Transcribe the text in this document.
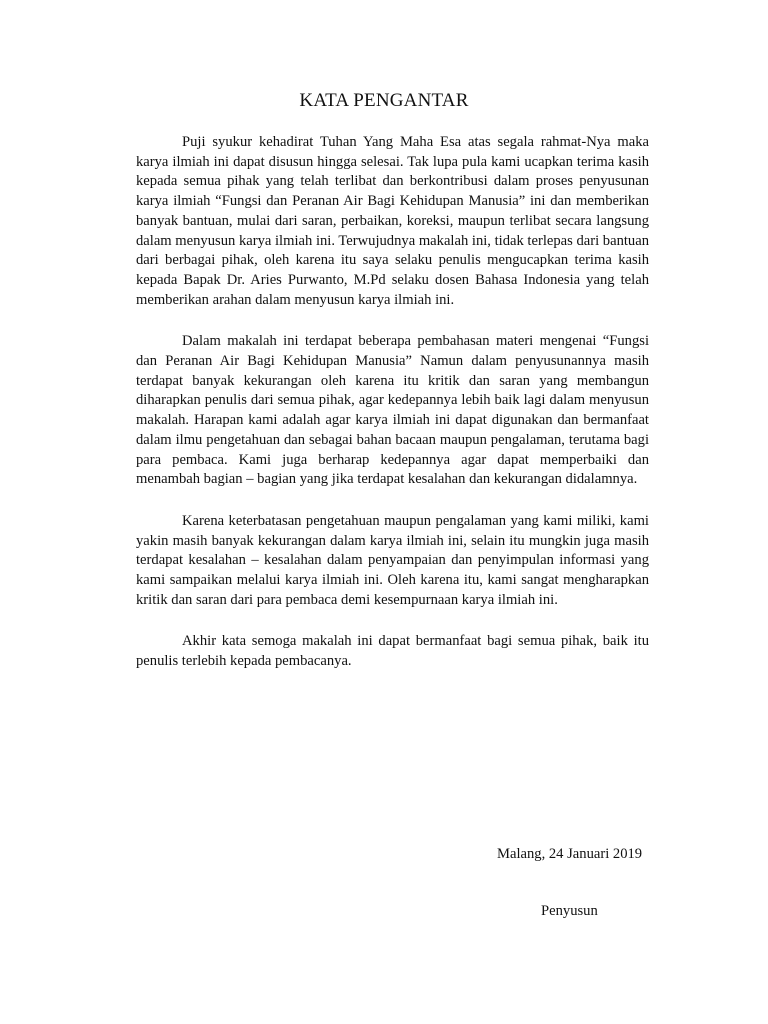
KATA PENGANTAR

Puji syukur kehadirat Tuhan Yang Maha Esa atas segala rahmat-Nya maka karya ilmiah ini dapat disusun hingga selesai. Tak lupa pula kami ucapkan terima kasih kepada semua pihak yang telah terlibat dan berkontribusi dalam proses penyusunan karya ilmiah “Fungsi dan Peranan Air Bagi Kehidupan Manusia” ini dan memberikan banyak bantuan, mulai dari saran, perbaikan, koreksi, maupun terlibat secara langsung dalam menyusun karya ilmiah ini. Terwujudnya makalah ini, tidak terlepas dari bantuan dari berbagai pihak, oleh karena itu saya selaku penulis mengucapkan terima kasih kepada Bapak Dr. Aries Purwanto, M.Pd selaku dosen Bahasa Indonesia yang telah memberikan arahan dalam menyusun karya ilmiah ini.

Dalam makalah ini terdapat beberapa pembahasan materi mengenai “Fungsi dan Peranan Air Bagi Kehidupan Manusia” Namun dalam penyusunannya masih terdapat banyak kekurangan oleh karena itu kritik dan saran yang membangun diharapkan penulis dari semua pihak, agar kedepannya lebih baik lagi dalam menyusun makalah. Harapan kami adalah agar karya ilmiah ini dapat digunakan dan bermanfaat dalam ilmu pengetahuan dan sebagai bahan bacaan maupun pengalaman, terutama bagi para pembaca. Kami juga berharap kedepannya agar dapat memperbaiki dan menambah bagian – bagian yang jika terdapat kesalahan dan kekurangan didalamnya.

Karena keterbatasan pengetahuan maupun pengalaman yang kami miliki, kami yakin masih banyak kekurangan dalam karya ilmiah ini, selain itu mungkin juga masih terdapat kesalahan – kesalahan dalam penyampaian dan penyimpulan informasi yang kami sampaikan melalui karya ilmiah ini. Oleh karena itu, kami sangat mengharapkan kritik dan saran dari para pembaca demi kesempurnaan karya ilmiah ini.

Akhir kata semoga makalah ini dapat bermanfaat bagi semua pihak, baik itu penulis terlebih kepada pembacanya.

Malang, 24 Januari 2019
Penyusun
